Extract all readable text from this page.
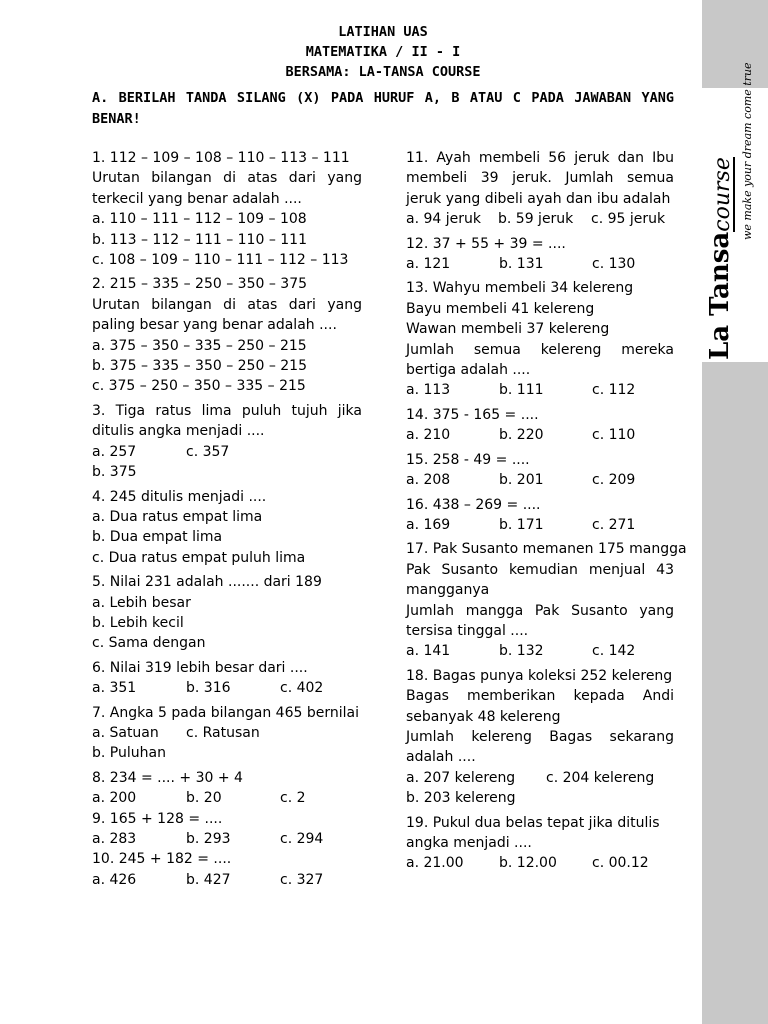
La Tansacourse we make your dream come true
LATIHAN UAS
MATEMATIKA / II - I
BERSAMA: LA-TANSA COURSE
A. BERILAH TANDA SILANG (X) PADA HURUF A, B ATAU C PADA JAWABAN YANG BENAR!
1. 112 – 109 – 108 – 110 – 113 – 111
Urutan bilangan di atas dari yang
terkecil yang benar adalah ....
a. 110 – 111 – 112 – 109 – 108
b. 113 – 112 – 111 – 110 – 111
c. 108 – 109 – 110 – 111 – 112 – 113
2. 215 – 335 – 250 – 350 – 375
Urutan bilangan di atas dari yang
paling besar yang benar adalah ....
a. 375 – 350 – 335 – 250 – 215
b. 375 – 335 – 350 – 250 – 215
c. 375 – 250 – 350 – 335 – 215
3. Tiga ratus lima puluh tujuh jika
ditulis angka menjadi ....
a. 257	c. 357
b. 375
4. 245 ditulis menjadi ....
a. Dua ratus empat lima
b. Dua empat lima
c. Dua ratus empat puluh lima
5. Nilai 231 adalah ....... dari 189
a. Lebih besar
b. Lebih kecil
c. Sama dengan
6. Nilai 319 lebih besar dari ....
a. 351	b. 316	c. 402
7. Angka 5 pada bilangan 465 bernilai
a. Satuan	c. Ratusan
b. Puluhan
8. 234 = .... + 30 + 4
a. 200	b. 20	c. 2
9. 165 + 128 = ....
a. 283	b. 293	c. 294
10. 245 + 182 = ....
a. 426	b. 427	c. 327
11. Ayah membeli 56 jeruk dan Ibu
membeli 39 jeruk. Jumlah semua
jeruk yang dibeli ayah dan ibu adalah
a. 94 jeruk	b. 59 jeruk	c. 95 jeruk
12. 37 + 55 + 39 = ....
a. 121	b. 131	c. 130
13. Wahyu membeli 34 kelereng
Bayu membeli 41 kelereng
Wawan membeli 37 kelereng
Jumlah semua kelereng mereka
bertiga adalah ....
a. 113	b. 111	c. 112
14. 375 - 165 = ....
a. 210	b. 220	c. 110
15. 258 - 49 = ....
a. 208	b. 201	c. 209
16. 438 – 269 = ....
a. 169	b. 171	c. 271
17. Pak Susanto memanen 175 mangga
Pak Susanto kemudian menjual 43
mangganya
Jumlah mangga Pak Susanto yang
tersisa tinggal ....
a. 141	b. 132	c. 142
18. Bagas punya koleksi 252 kelereng
Bagas memberikan kepada Andi
sebanyak 48 kelereng
Jumlah kelereng Bagas sekarang
adalah ....
a. 207 kelereng	c. 204 kelereng
b. 203 kelereng
19. Pukul dua belas tepat jika ditulis
angka menjadi ....
a. 21.00	b. 12.00	c. 00.12
